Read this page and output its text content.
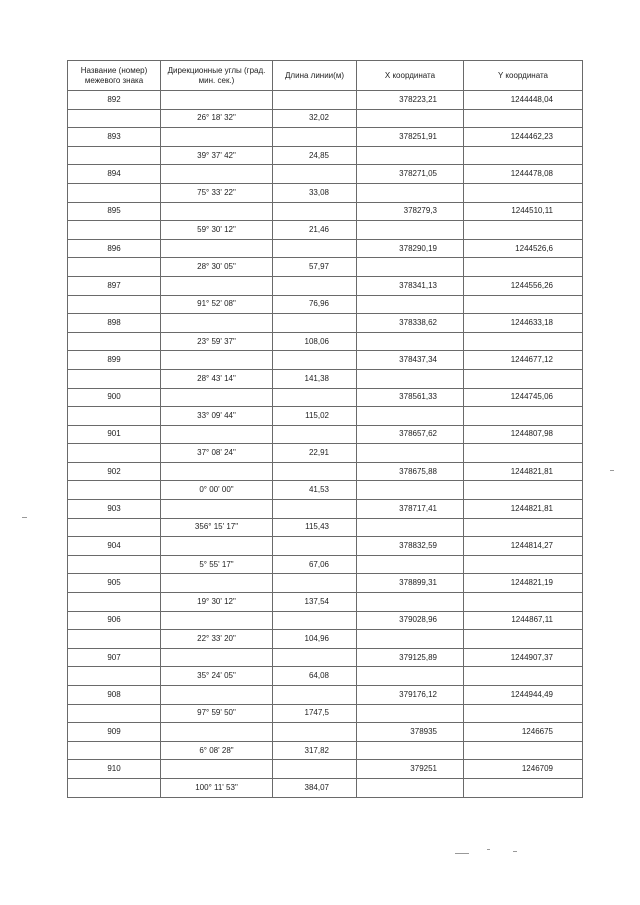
Название (номер) межевого знака	Дирекционные углы (град. мин. сек.)	Длина линии(м)	Х координата	Y координата
892			378223,21	1244448,04
	26° 18' 32"	32,02		
893			378251,91	1244462,23
	39° 37' 42"	24,85		
894			378271,05	1244478,08
	75° 33' 22"	33,08		
895			378279,3	1244510,11
	59° 30' 12"	21,46		
896			378290,19	1244526,6
	28° 30' 05"	57,97		
897			378341,13	1244556,26
	91° 52' 08"	76,96		
898			378338,62	1244633,18
	23° 59' 37"	108,06		
899			378437,34	1244677,12
	28° 43' 14"	141,38		
900			378561,33	1244745,06
	33° 09' 44"	115,02		
901			378657,62	1244807,98
	37° 08' 24"	22,91		
902			378675,88	1244821,81
	0° 00' 00"	41,53		
903			378717,41	1244821,81
	356° 15' 17"	115,43		
904			378832,59	1244814,27
	5° 55' 17"	67,06		
905			378899,31	1244821,19
	19° 30' 12"	137,54		
906			379028,96	1244867,11
	22° 33' 20"	104,96		
907			379125,89	1244907,37
	35° 24' 05"	64,08		
908			379176,12	1244944,49
	97° 59' 50"	1747,5		
909			378935	1246675
	6° 08' 28"	317,82		
910			379251	1246709
	100° 11' 53"	384,07		
